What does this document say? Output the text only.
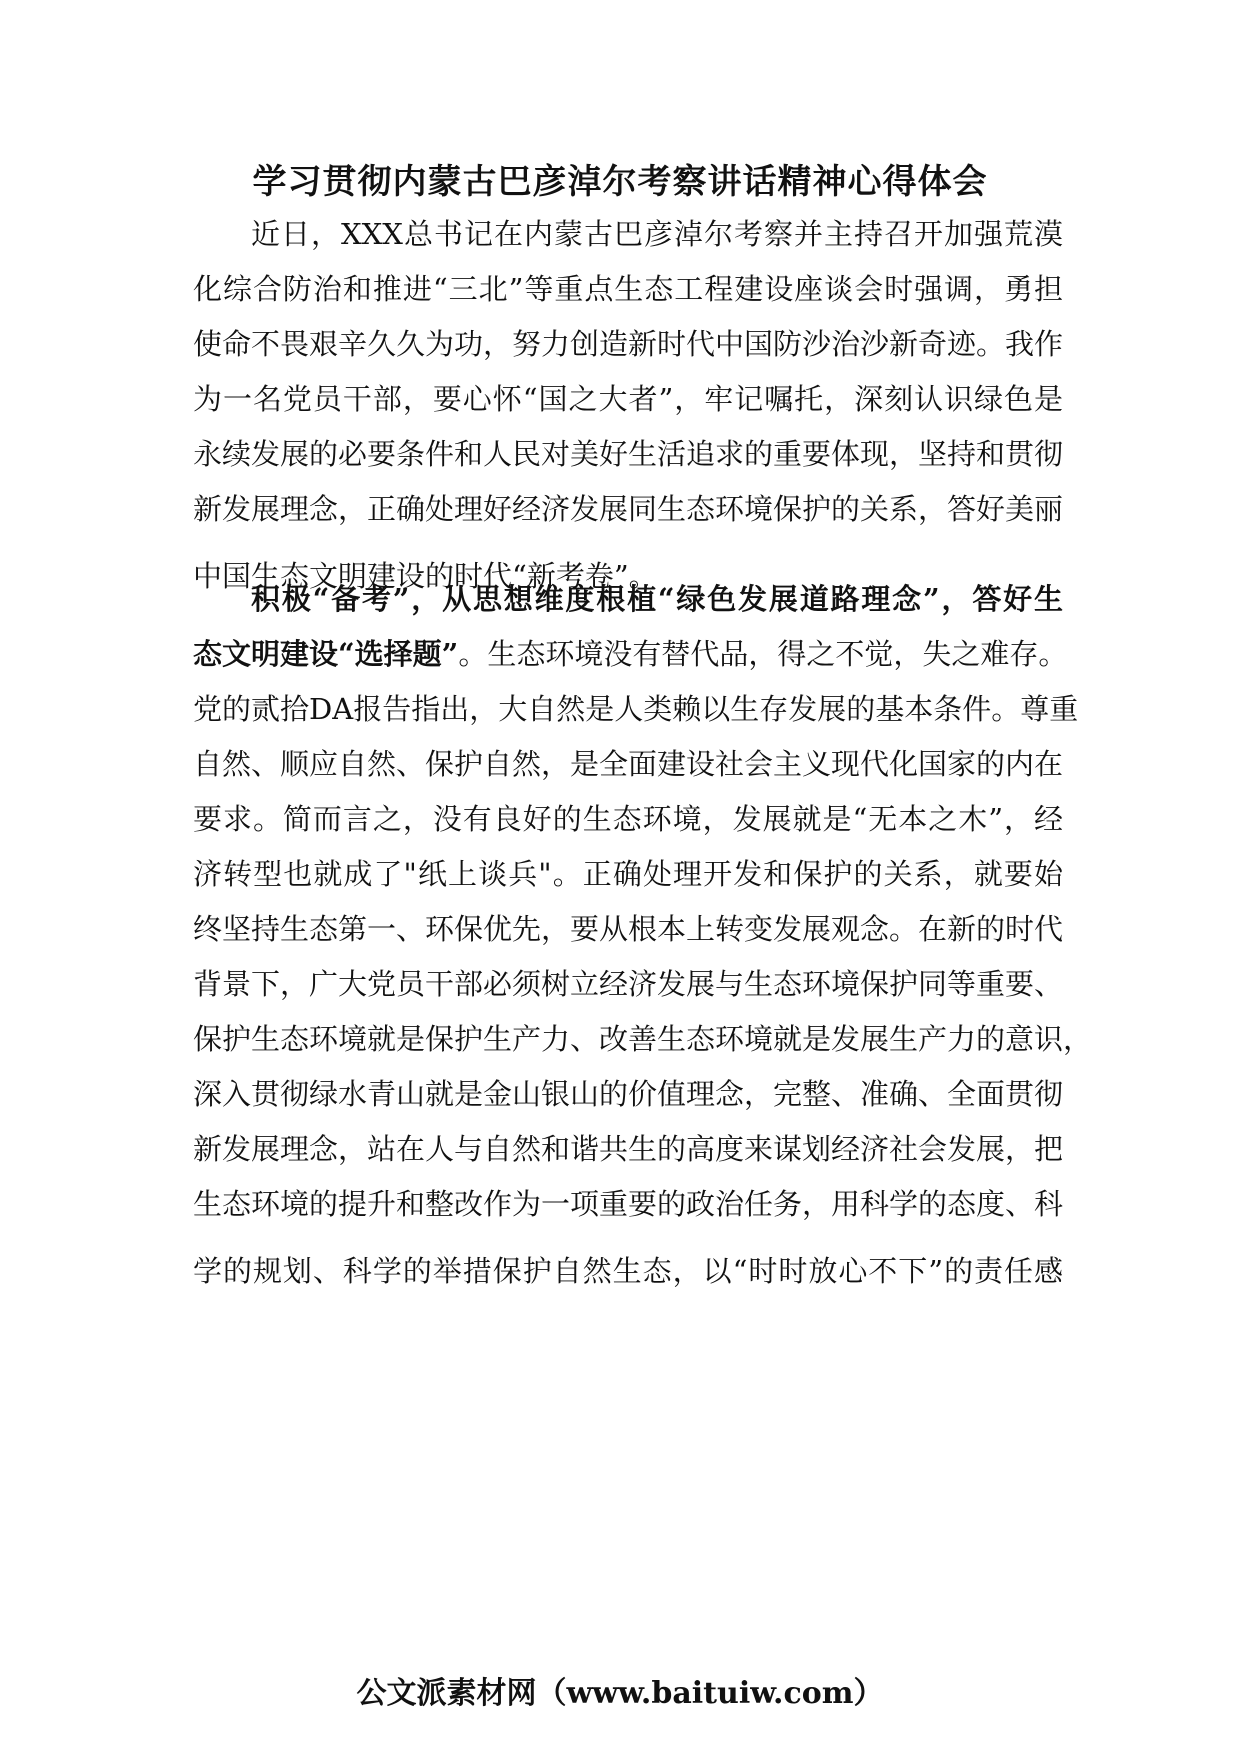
学习贯彻内蒙古巴彦淖尔考察讲话精神心得体会
近日，XXX总书记在内蒙古巴彦淖尔考察并主持召开加强荒漠
化综合防治和推进“三北”等重点生态工程建设座谈会时强调，勇担
使命不畏艰辛久久为功，努力创造新时代中国防沙治沙新奇迹。我作
为一名党员干部，要心怀“国之大者”，牢记嘱托，深刻认识绿色是
永续发展的必要条件和人民对美好生活追求的重要体现，坚持和贯彻
新发展理念，正确处理好经济发展同生态环境保护的关系，答好美丽
中国生态文明建设的时代“新考卷”。
积极“备考”，从思想维度根植“绿色发展道路理念”，答好生
态文明建设“选择题”。生态环境没有替代品，得之不觉，失之难存。
党的贰拾DA报告指出，大自然是人类赖以生存发展的基本条件。尊重
自然、顺应自然、保护自然，是全面建设社会主义现代化国家的内在
要求。简而言之，没有良好的生态环境，发展就是“无本之木”，经
济转型也就成了"纸上谈兵"。正确处理开发和保护的关系，就要始
终坚持生态第一、环保优先，要从根本上转变发展观念。在新的时代
背景下，广大党员干部必须树立经济发展与生态环境保护同等重要、
保护生态环境就是保护生产力、改善生态环境就是发展生产力的意识，
深入贯彻绿水青山就是金山银山的价值理念，完整、准确、全面贯彻
新发展理念，站在人与自然和谐共生的高度来谋划经济社会发展，把
生态环境的提升和整改作为一项重要的政治任务，用科学的态度、科
学的规划、科学的举措保护自然生态，以“时时放心不下”的责任感
公文派素材网（www.baituiw.com）
